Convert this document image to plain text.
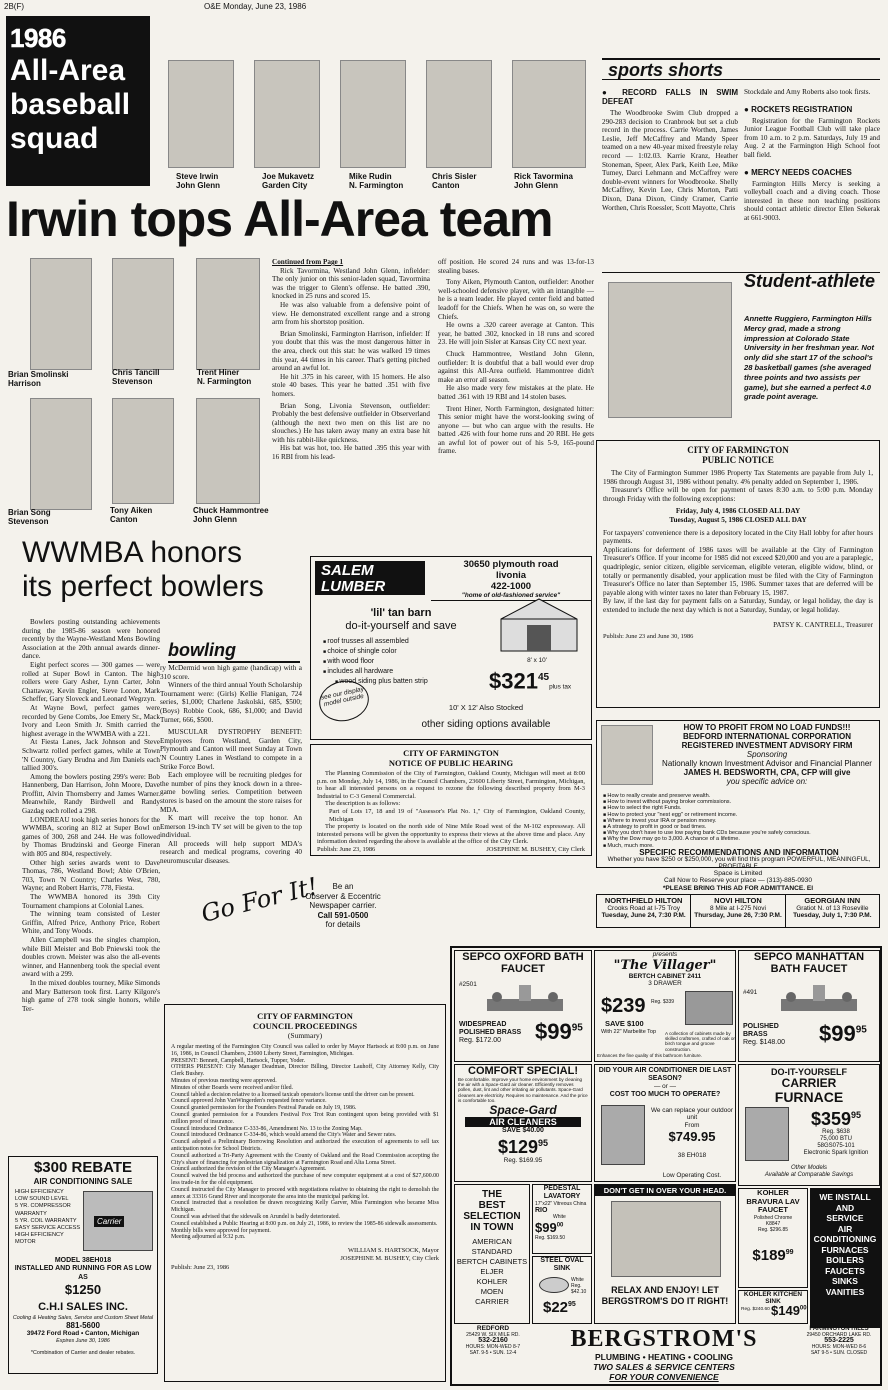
2B(F)	O&E Monday, June 23, 1986
1986
All-Area
baseball
squad
Steve Irwin
John Glenn
Joe Mukavetz
Garden City
Mike Rudin
N. Farmington
Chris Sisler
Canton
Rick Tavormina
John Glenn
Irwin tops All-Area team
Brian Smolinski
Harrison
Chris Tancill
Stevenson
Trent Hiner
N. Farmington
Brian Song
Stevenson
Tony Aiken
Canton
Chuck Hammontree
John Glenn
Continued from Page 1

Rick Tavormina, Westland John Glenn, infielder: The only junior on this senior-laden squad, Tavormina was the trigger to Glenn's offense. He batted .390, knocked in 25 runs and scored 15.

He was also valuable from a defensive point of view. He demonstrated excellent range and a strong arm from his shortstop position.

Brian Smolinski, Farmington Harrison, infielder: If you doubt that this was the most dangerous hitter in the area, check out this stat: he was walked 19 times this year, 44 times in his career. That's getting pitched around an awful lot.

He hit .375 in his career, with 15 homers. He also stole 40 bases. This year he batted .351 with five homers.

Brian Song, Livonia Stevenson, outfielder: Probably the best defensive outfielder in Observerland (although the next two men on this list are no slouches.) He has taken away many an extra base hit with his rabbit-like quickness.

His bat was hot, too. He batted .395 this year with 16 RBI from his lead-

off position. He scored 24 runs and was 13-for-13 stealing bases.

Tony Aiken, Plymouth Canton, outfielder: Another well-schooled defensive player, with an intangible — he is a team leader. He played center field and batted leadoff for the Chiefs. When he was on, so were the Chiefs.

He owns a .320 career average at Canton. This year, he batted .302, knocked in 18 runs and scored 23. He will join Sisler at Kansas City CC next year.

Chuck Hammontree, Westland John Glenn, outfielder: It is doubtful that a ball would ever drop against this All-Area outfield. Hammontree didn't make an error all season.

He also made very few mistakes at the plate. He batted .361 with 19 RBI and 14 stolen bases.

Trent Hiner, North Farmington, designated hitter: This senior might have the worst-looking swing of anyone — but who can argue with the results. He batted .426 with four home runs and 20 RBI. He gets an awful lot of power out of his 5-9, 165-pound frame.

sports shorts
● RECORD FALLS IN SWIM DEFEAT

The Woodbrooke Swim Club dropped a 290-283 decision to Cranbrook but set a club record in the process. Carrie Worthen, James Leslie, Jeff McCaffrey and Mandy Speer teamed on a new 40-year mixed freestyle relay record — 1:02.03. Karrie Kranz, Heather Stoneman, Speer, Alex Park, Keith Lee, Mike Tumey, Darci Lehmann and McCaffrey were double-event winners for Woodbrooke. Shelly McCaffrey, Kevin Lee, Chris Morton, Patti Dixon, Dana Dixon, Cindy Cramer, Carrie Worthen, Chris Roessler, Scott Mayotte, Chris

Stockdale and Amy Roberts also took firsts.

● ROCKETS REGISTRATION

Registration for the Farmington Rockets Junior League Football Club will take place from 10 a.m. to 2 p.m. Saturdays, July 19 and Aug. 2 at the Farmington High School foot ball field.

● MERCY NEEDS COACHES

Farmington Hills Mercy is seeking a volleyball coach and a diving coach. Those interested in these non teaching positions should contact athletic director Ellen Sekerak at 661-9003.

Student-athlete
Annette Ruggiero, Farmington Hills Mercy grad, made a strong impression at Colorado State University in her freshman year. Not only did she start 17 of the school's 28 basketball games (she averaged three points and two assists per game), but she earned a perfect 4.0 grade point average.
CITY OF FARMINGTON
PUBLIC NOTICE

The City of Farmington Summer 1986 Property Tax Statements are payable from July 1, 1986 through August 31, 1986 without penalty. 4% penalty added on September 1, 1986.

Treasurer's Office will be open for payment of taxes 8:30 a.m. to 5:00 p.m. Monday through Friday with the following exceptions:

Friday, July 4, 1986 CLOSED ALL DAY
Tuesday, August 5, 1986 CLOSED ALL DAY

For taxpayers' convenience there is a depository located in the City Hall lobby for after hours payments.

Applications for deferment of 1986 taxes will be available at the City of Farmington Treasurer's Office. If your income for 1985 did not exceed $20,000 and you are a paraplegic, quadriplegic, senior citizen, eligible serviceman, eligible veteran, eligible widow, blind, or totally or permanently disabled, your application must be filed with the City of Farmington Treasurer's Office no later than September 15, 1986. Summer taxes that are deferred will be payable along with winter taxes no later than February 15, 1987.

By law, if the last day for payment falls on a Saturday, Sunday, or legal holiday, the day is extended to include the next day which is not a Saturday, Sunday, or legal holiday.

PATSY K. CANTRELL, Treasurer
Publish: June 23 and June 30, 1986
WWMBA honors
its perfect bowlers

Bowlers posting outstanding achievements during the 1985-86 season were honored recently by the Wayne-Westland Mens Bowling Association at the 20th annual awards dinner-dance.

Eight perfect scores — 300 games — were rolled at Super Bowl in Canton. The high rollers were Gary Asher, Lynn Carter, John Chattaway, Kevin Engler, Steve Lonon, Mark Scheffer, Gary Sloveck and Leonard Wegrzyn.

At Wayne Bowl, perfect games were recorded by Gene Combs, Joe Emery Sr., Mack Ivory and Leon Smith Jr. Smith carried the highest average in the WWMBA with a 221.

At Fiesta Lanes, Jack Johnson and Steve Schwartz rolled perfect games, while at Town 'N Country, Gary Brudna and Jim Daniels each tallied 300's.

Among the bowlers posting 299's were: Bob Hannenberg, Dan Harrison, John Moore, Dave Proffitt, Alvin Thornsberry and James Warner. Meanwhile, Randy Birdwell and Randy Gazdag each rolled a 298.

LONDREAU took high series honors for the WWMBA, scoring an 812 at Super Bowl on games of 300, 268 and 244. He was followed by Thomas Brudzinski and George Fineran with 805 and 804, respectively.

Other high series awards went to Dave Thomas, 786, Westland Bowl; Abie O'Brien, 703, Town 'N Country; Charles West, 780, Wayne; and Robert Harris, 778, Fiesta.

The WWMBA honored its 39th City Tournament champions at Colonial Lanes.

The winning team consisted of Lester Griffin, Alfred Price, Anthony Price, Robert White, and Tony Woods.

Allen Campbell was the singles champion, while Bill Meister and Bob Pniewski took the doubles crown. Meister was also the all-events winner, and Hannenberg took the special event award with a 299.

In the mixed doubles tourney, Mike Simonds and Mary Batterson took first. Larry Kilgore's high game of 278 took single honors, while Ter-

bowling

ry McDermid won high game (handicap) with a 310 score.

Winners of the third annual Youth Scholarship Tournament were: (Girls) Kellie Flanigan, 724 series, $1,000; Charlene Jaskolski, 685, $500; (Boys) Robbie Cook, 686, $1,000; and David Turner, 666, $500.

MUSCULAR DYSTROPHY BENEFIT: Employees from Westland, Garden City, Plymouth and Canton will meet Sunday at Town 'N Country Lanes in Westland to compete in a Strike Force Bowl.

Each employee will be recruiting pledges for the number of pins they knock down in a three-game bowling series. Competition between stores is based on the amount the store raises for MDA.

K mart will receive the top honor. An Emerson 19-inch TV set will be given to the top individual.

All proceeds will help support MDA's research and medical programs, covering 40 neuromuscular diseases.

SALEM LUMBER
30650 plymouth road
livonia
422-1000
"home of old-fashioned service"
'lil' tan barn
do-it-yourself and save
■ roof trusses all assembled
■ choice of shingle color
■ with wood floor
■ includes all hardware
■ wood siding plus batten strip
see our display model outside
8' x 10'
$\$321^{45}plus$ tax
10' X 12' Also Stocked
other siding options available
CITY OF FARMINGTON
NOTICE OF PUBLIC HEARING

The Planning Commission of the City of Farmington, Oakland County, Michigan will meet at 8:00 p.m. on Monday, July 14, 1986, in the Council Chambers, 23600 Liberty Street, Farmington, Michigan, to hear all interested persons on a request to rezone the following described property from M-3 Industrial to C-3 General Commercial.

The description is as follows:

Part of Lots 17, 18 and 19 of "Assessor's Plat No. 1," City of Farmington, Oakland County, Michigan

The property is located on the north side of Nine Mile Road west of the M-102 expressway. All interested persons will be given the opportunity to express their views at the above time and place. Any information desired regarding the above is available at the office of the City Clerk.

Publish: June 23, 1986	JOSEPHINE M. BUSHEY, City Clerk
HOW TO PROFIT FROM NO LOAD FUNDS!!!
BEDFORD INTERNATIONAL CORPORATION
REGISTERED INVESTMENT ADVISORY FIRM
Sponsoring
Nationally known Investment Advisor and Financial Planner
JAMES H. BEDSWORTH, CPA, CFP will give
you specific advice on:
■ How to really create and preserve wealth.
■ How to invest without paying broker commissions.
■ How to select the right Funds.
■ How to protect your "nest egg" or retirement income.
■ Where to invest your IRA or pension money.
■ A strategy to profit in good or bad times.
■ Why you don't have to use low paying bank CDs because you're safely conscious.
■ Why the Dow may go to 3,000. A chance of a lifetime.
■ Much, much more.
SPECIFIC RECOMMENDATIONS AND INFORMATION
Whether you have $250 or $250,000, you will find this program POWERFUL, MEANINGFUL, PROFITABLE.
Space is Limited
Call Now to Reserve your place — (313)-885-0930
*PLEASE BRING THIS AD FOR ADMITTANCE. El
NORTHFIELD HILTON
Crooks Road at I-75 Troy
Tuesday, June 24, 7:30 P.M.
NOVI HILTON
8 Mile at I-275 Novi
Thursday, June 26, 7:30 P.M.
GEORGIAN INN
Gratiot N. of 13 Roseville
Tuesday, July 1, 7:30 P.M.
Go For It!	Be an
Observer & Eccentric
Newspaper carrier.
Call 591-0500
for details
CITY OF FARMINGTON
COUNCIL PROCEEDINGS
(Summary)

A regular meeting of the Farmington City Council was called to order by Mayor Hartsock at 8:00 p.m. on June 16, 1986, in Council Chambers, 23600 Liberty Street, Farmington, Michigan.

PRESENT: Bennett, Campbell, Hartsock, Tupper, Yoder.

OTHERS PRESENT: City Manager Deadman, Director Billing, Director Lauhoff, City Attorney Kelly, City Clerk Bushey.

Minutes of previous meeting were approved.

Minutes of other Boards were received and/or filed.

Council tabled a decision relative to a licensed taxicab operator's license until the driver can be present.

Council approved John VanWingerden's requested fence variance.

Council granted permission for the Founders Festival Parade on July 19, 1986.

Council granted permission for a Founders Festival Fox Trot Run contingent upon being provided with $1 million proof of insurance.

Council introduced Ordinance C-333-86, Amendment No. 13 to the Zoning Map.

Council introduced Ordinance C-334-86, which would amend the City's Water and Sewer rates.

Council adopted a Preliminary Borrowing Resolution and authorized the execution of agreements to sell tax anticipation notes for School Districts.

Council authorized a Tri-Party Agreement with the County of Oakland and the Road Commission accepting the City's share of financing for pedestrian signalization at Farmington Road and Alta Loma Street.

Council authorized the revision of the City Manager's Agreement.

Council waived the bid process and authorized the purchase of new computer equipment at a cost of $27,600.00 less trade-in for the old equipment.

Council instructed the City Manager to proceed with negotiations relative to obtaining the right to demolish the annex at 33316 Grand River and incorporate the area into the municipal parking lot.

Council instructed that a resolution be drawn recognizing Kelly Garver, Miss Farmington who became Miss Michigan.

Council was advised that the sidewalk on Arundel is badly deteriorated.

Council established a Public Hearing at 8:00 p.m. on July 21, 1986, to review the 1985-86 sidewalk assessments.

Monthly bills were approved for payment.

Meeting adjourned at 9:32 p.m.

WILLIAM S. HARTSOCK, Mayor
JOSEPHINE M. BUSHEY, City Clerk
Publish: June 23, 1986
$300 REBATE
AIR CONDITIONING SALE
HIGH EFFICIENCY
LOW SOUND LEVEL
5 YR. COMPRESSOR WARRANTY
5 YR. COIL WARRANTY
EASY SERVICE ACCESS
HIGH EFFICIENCY MOTOR
Carrier
MODEL 38EH018
INSTALLED AND RUNNING FOR AS LOW AS
$1250
C.H.I SALES INC.
Cooling & Heating Sales, Service and Custom Sheet Metal
881-5600
39472 Ford Road • Canton, Michigan
Expires June 30, 1986
*Combination of Carrier and dealer rebates.
SEPCO OXFORD BATH FAUCET
#2501
WIDESPREAD
POLISHED BRASS
Reg. $172.00	$\$99^{95}$
presents
"The Villager"
BERTCH CABINET 2411
3 DRAWER
$239 Reg. $339
SAVE $100
With 22" Marbelite Top A collection of cabinets made by skilled craftsmen, crafted of oak or birch tongue and groove construction.
Enhances the fine quality of this bathroom furniture.
SEPCO MANHATTAN BATH FAUCET
#491
POLISHED
BRASS
Reg. $148.00 $\$99^{95}$
COMFORT SPECIAL!
Be comfortable. Improve your home environment by cleaning the air with a Space-Gard air cleaner. Efficiently removes pollen, dust, lint and other irritating air pollutants. Space-Gard cleaners are electricity. Requires no maintenance. And the price is comfortable too.
Space-Gard
AIR CLEANERS
SAVE $40.00
$\$129^{95}$
Reg. $169.95
DID YOUR AIR CONDITIONER DIE LAST SEASON?
— or —
COST TOO MUCH TO OPERATE?
We can replace your outdoor unit
From
$749.95
38 EH018
Low Operating Cost.
DO-IT-YOURSELF
CARRIER
FURNACE
$\$359^{95}$
Reg. $638
75,000 BTU
58GS075-101
Electronic Spark Ignition
Other Models
Available at Comparable Savings
THE
BEST
SELECTION
IN TOWN
AMERICAN STANDARD
BERTCH CABINETS
ELJER
KOHLER
MOEN
CARRIER
PEDESTAL LAVATORY
17"x22" Vitreous China
RIO
White
$\$99^{00}$
Reg. $169.50
STEEL OVAL SINK
White
Reg. $42.10
$\$22^{95}$
DON'T GET IN OVER YOUR HEAD.
RELAX AND ENJOY! LET BERGSTROM'S DO IT RIGHT!
KOHLER BRAVURA LAV FAUCET
Polished Chrome
K8847
Reg. $296.85
$\$189^{99}$
WE INSTALL
AND
SERVICE
AIR
CONDITIONING
FURNACES
BOILERS
FAUCETS
SINKS
VANITIES
KOHLER KITCHEN SINK
Reg. $240.60 $\$149^{00}$
REDFORD
25429 W. SIX MILE RD.
532-2160
HOURS: MON-WED 8-7
SAT. 9-5 • SUN. 12-4
BERGSTROM'S
PLUMBING • HEATING • COOLING
TWO SALES & SERVICE CENTERS
FOR YOUR CONVENIENCE
FARMINGTON HILLS
29450 ORCHARD LAKE RD.
553-2225
HOURS: MON-WED 8-6
SAT 9-5 • SUN. CLOSED
